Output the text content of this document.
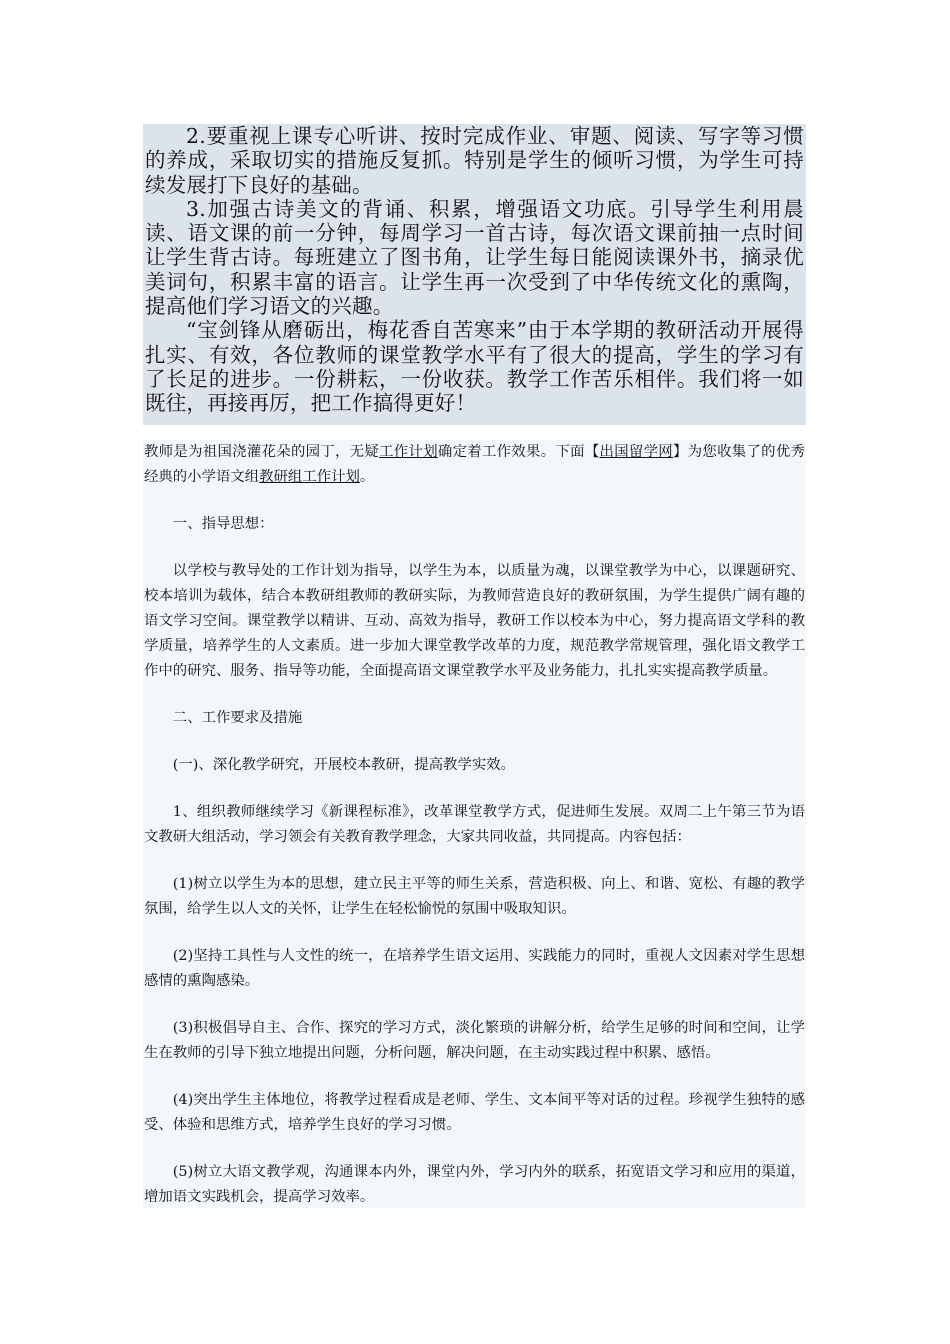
2.要重视上课专心听讲、按时完成作业、审题、阅读、写字等习惯的养成，采取切实的措施反复抓。特别是学生的倾听习惯，为学生可持续发展打下良好的基础。

3.加强古诗美文的背诵、积累，增强语文功底。引导学生利用晨读、语文课的前一分钟，每周学习一首古诗，每次语文课前抽一点时间让学生背古诗。每班建立了图书角，让学生每日能阅读课外书，摘录优美词句，积累丰富的语言。让学生再一次受到了中华传统文化的熏陶，提高他们学习语文的兴趣。

“宝剑锋从磨砺出，梅花香自苦寒来”由于本学期的教研活动开展得扎实、有效，各位教师的课堂教学水平有了很大的提高，学生的学习有了长足的进步。一份耕耘，一份收获。教学工作苦乐相伴。我们将一如既往，再接再厉，把工作搞得更好！

教师是为祖国浇灌花朵的园丁，无疑工作计划确定着工作效果。下面【出国留学网】为您收集了的优秀经典的小学语文组教研组工作计划。

一、指导思想：

以学校与教导处的工作计划为指导，以学生为本，以质量为魂，以课堂教学为中心，以课题研究、校本培训为载体，结合本教研组教师的教研实际，为教师营造良好的教研氛围，为学生提供广阔有趣的语文学习空间。课堂教学以精讲、互动、高效为指导，教研工作以校本为中心，努力提高语文学科的教学质量，培养学生的人文素质。进一步加大课堂教学改革的力度，规范教学常规管理，强化语文教学工作中的研究、服务、指导等功能，全面提高语文课堂教学水平及业务能力，扎扎实实提高教学质量。

二、工作要求及措施

(一)、深化教学研究，开展校本教研，提高教学实效。

1、组织教师继续学习《新课程标准》，改革课堂教学方式，促进师生发展。双周二上午第三节为语文教研大组活动，学习领会有关教育教学理念，大家共同收益，共同提高。内容包括：

(1)树立以学生为本的思想，建立民主平等的师生关系，营造积极、向上、和谐、宽松、有趣的教学氛围，给学生以人文的关怀，让学生在轻松愉悦的氛围中吸取知识。

(2)坚持工具性与人文性的统一，在培养学生语文运用、实践能力的同时，重视人文因素对学生思想感情的熏陶感染。

(3)积极倡导自主、合作、探究的学习方式，淡化繁琐的讲解分析，给学生足够的时间和空间，让学生在教师的引导下独立地提出问题，分析问题，解决问题，在主动实践过程中积累、感悟。

(4)突出学生主体地位，将教学过程看成是老师、学生、文本间平等对话的过程。珍视学生独特的感受、体验和思维方式，培养学生良好的学习习惯。

(5)树立大语文教学观，沟通课本内外，课堂内外，学习内外的联系，拓宽语文学习和应用的渠道，增加语文实践机会，提高学习效率。
